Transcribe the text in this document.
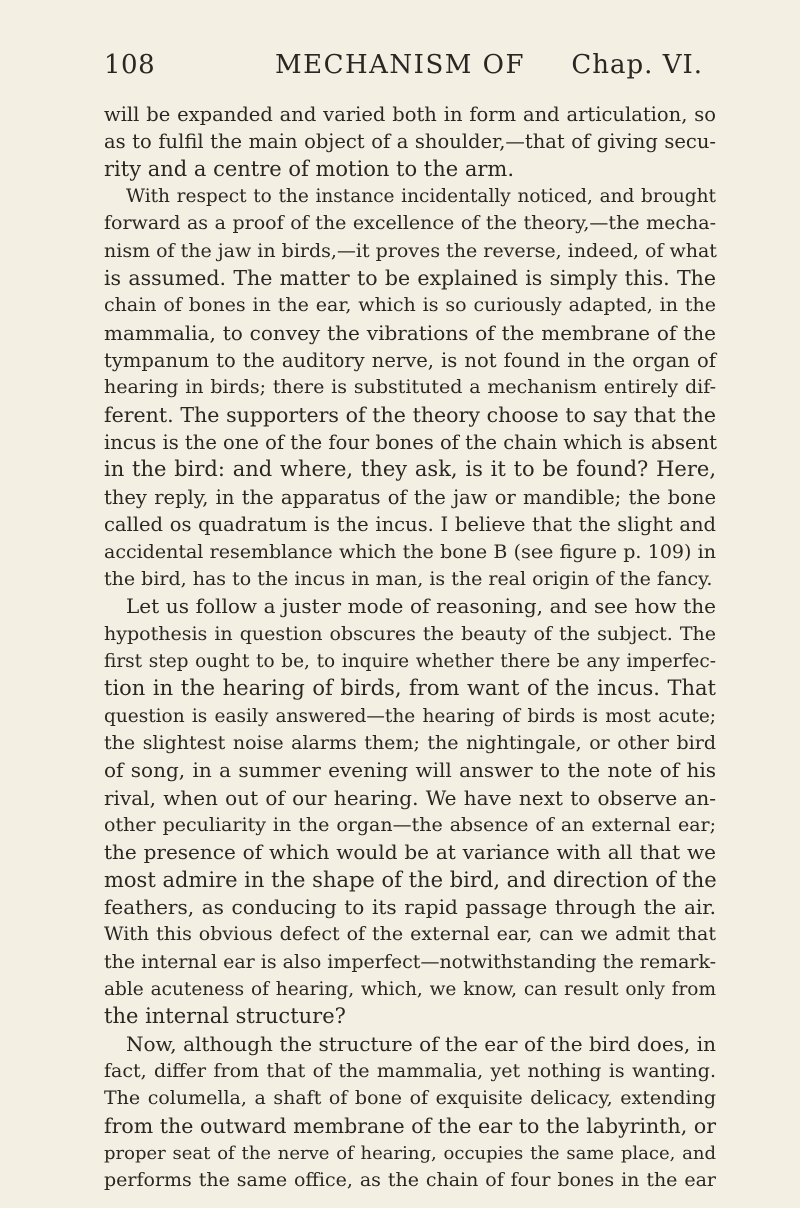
108	MECHANISM OF	Chap. VI.
will be expanded and varied both in form and articulation, so
as to fulfil the main object of a shoulder,—that of giving secu-
rity and a centre of motion to the arm.
With respect to the instance incidentally noticed, and brought
forward as a proof of the excellence of the theory,—the mecha-
nism of the jaw in birds,—it proves the reverse, indeed, of what
is assumed. The matter to be explained is simply this. The
chain of bones in the ear, which is so curiously adapted, in the
mammalia, to convey the vibrations of the membrane of the
tympanum to the auditory nerve, is not found in the organ of
hearing in birds; there is substituted a mechanism entirely dif-
ferent. The supporters of the theory choose to say that the
incus is the one of the four bones of the chain which is absent
in the bird: and where, they ask, is it to be found? Here,
they reply, in the apparatus of the jaw or mandible; the bone
called os quadratum is the incus. I believe that the slight and
accidental resemblance which the bone B (see figure p. 109) in
the bird, has to the incus in man, is the real origin of the fancy.
Let us follow a juster mode of reasoning, and see how the
hypothesis in question obscures the beauty of the subject. The
first step ought to be, to inquire whether there be any imperfec-
tion in the hearing of birds, from want of the incus. That
question is easily answered—the hearing of birds is most acute;
the slightest noise alarms them; the nightingale, or other bird
of song, in a summer evening will answer to the note of his
rival, when out of our hearing. We have next to observe an-
other peculiarity in the organ—the absence of an external ear;
the presence of which would be at variance with all that we
most admire in the shape of the bird, and direction of the
feathers, as conducing to its rapid passage through the air.
With this obvious defect of the external ear, can we admit that
the internal ear is also imperfect—notwithstanding the remark-
able acuteness of hearing, which, we know, can result only from
the internal structure?
Now, although the structure of the ear of the bird does, in
fact, differ from that of the mammalia, yet nothing is wanting.
The columella, a shaft of bone of exquisite delicacy, extending
from the outward membrane of the ear to the labyrinth, or
proper seat of the nerve of hearing, occupies the same place, and
performs the same office, as the chain of four bones in the ear
